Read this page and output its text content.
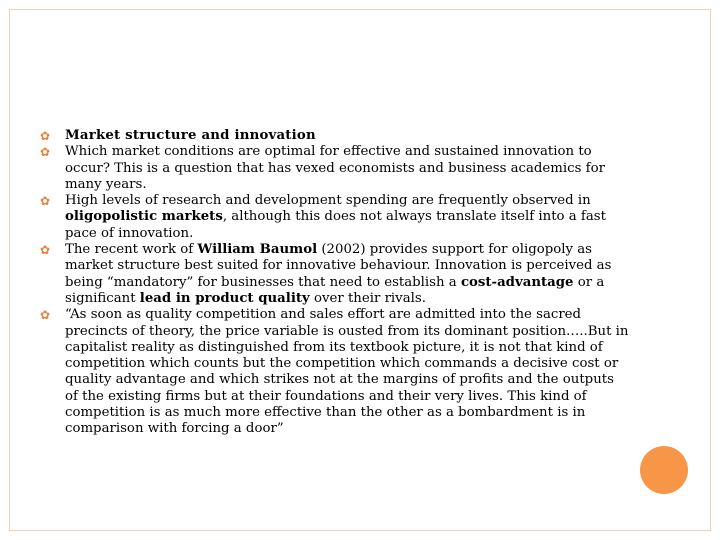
✿ Market structure and innovation
✿ Which market conditions are optimal for effective and sustained innovation to occur? This is a question that has vexed economists and business academics for many years.
✿ High levels of research and development spending are frequently observed in oligopolistic markets, although this does not always translate itself into a fast pace of innovation.
✿ The recent work of William Baumol (2002) provides support for oligopoly as market structure best suited for innovative behaviour. Innovation is perceived as being “mandatory” for businesses that need to establish a cost-advantage or a significant lead in product quality over their rivals.
✿ “As soon as quality competition and sales effort are admitted into the sacred precincts of theory, the price variable is ousted from its dominant position…..But in capitalist reality as distinguished from its textbook picture, it is not that kind of competition which counts but the competition which commands a decisive cost or quality advantage and which strikes not at the margins of profits and the outputs of the existing firms but at their foundations and their very lives. This kind of competition is as much more effective than the other as a bombardment is in comparison with forcing a door”
